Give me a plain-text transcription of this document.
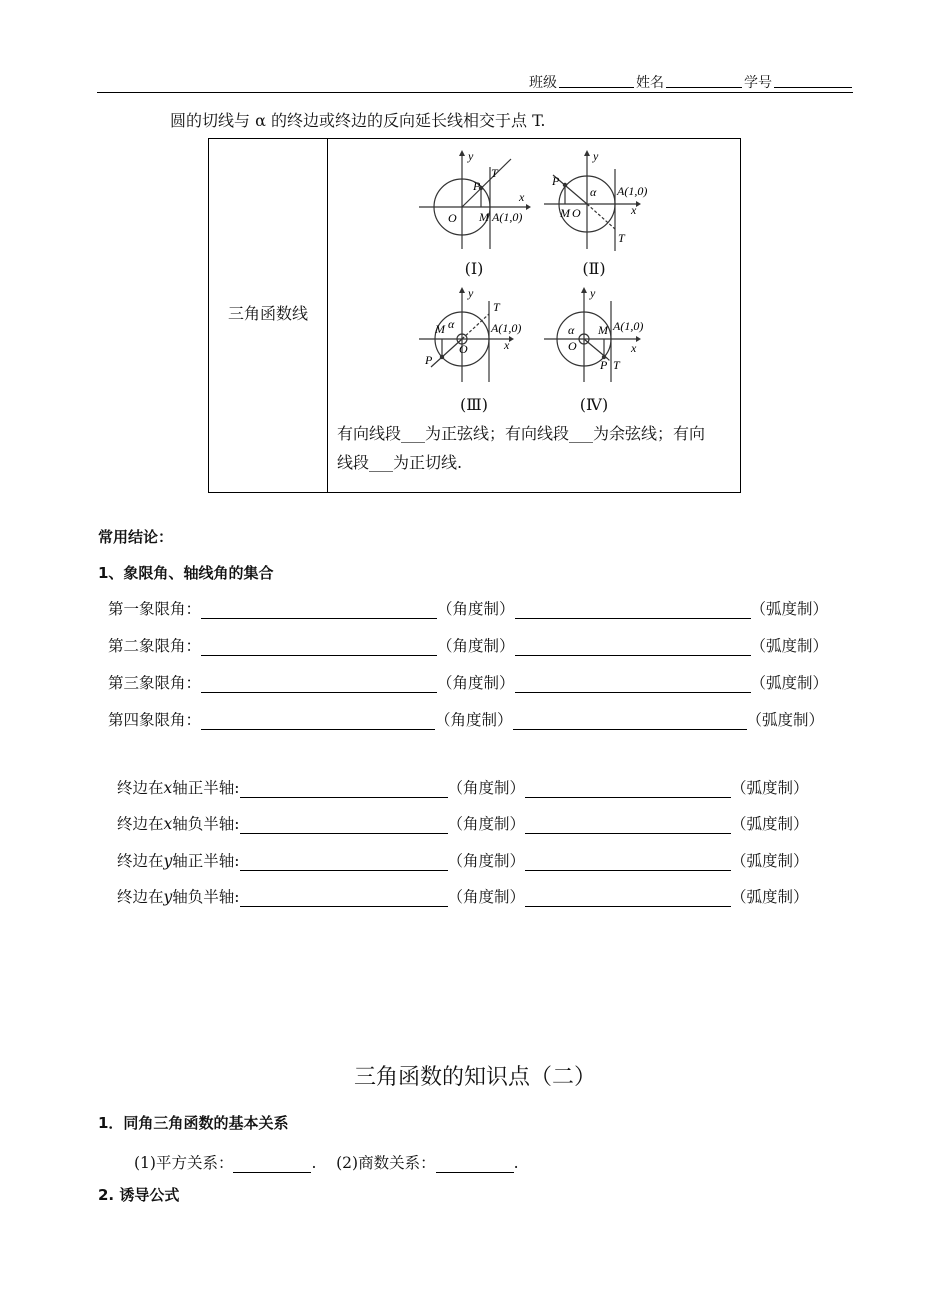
班级	姓名	学号
圆的切线与 α 的终边或终边的反向延长线相交于点 T.
三角函数线
y
x
T
P
O M A(1,0)
y
x
P
α A(1,0)
M O
T
(Ⅰ)	(Ⅱ)
y
x
T
A(1,0)
M α
O
P
y
x
α
O
M A(1,0)
P T
(Ⅲ)	(Ⅳ)
有向线段___为正弦线；有向线段___为余弦线；有向
线段___为正切线.
常用结论：
1、象限角、轴线角的集合
第一象限角：	（角度制）	（弧度制）
第二象限角：	（角度制）	（弧度制）
第三象限角：	（角度制）	（弧度制）
第四象限角：	（角度制）	（弧度制）
终边在x轴正半轴:	（角度制）	（弧度制）
终边在x轴负半轴:	（角度制）	（弧度制）
终边在y轴正半轴:	（角度制）	（弧度制）
终边在y轴负半轴:	（角度制）	（弧度制）
三角函数的知识点（二）
1．同角三角函数的基本关系
(1)平方关系：	.    (2)商数关系：	.
2. 诱导公式
